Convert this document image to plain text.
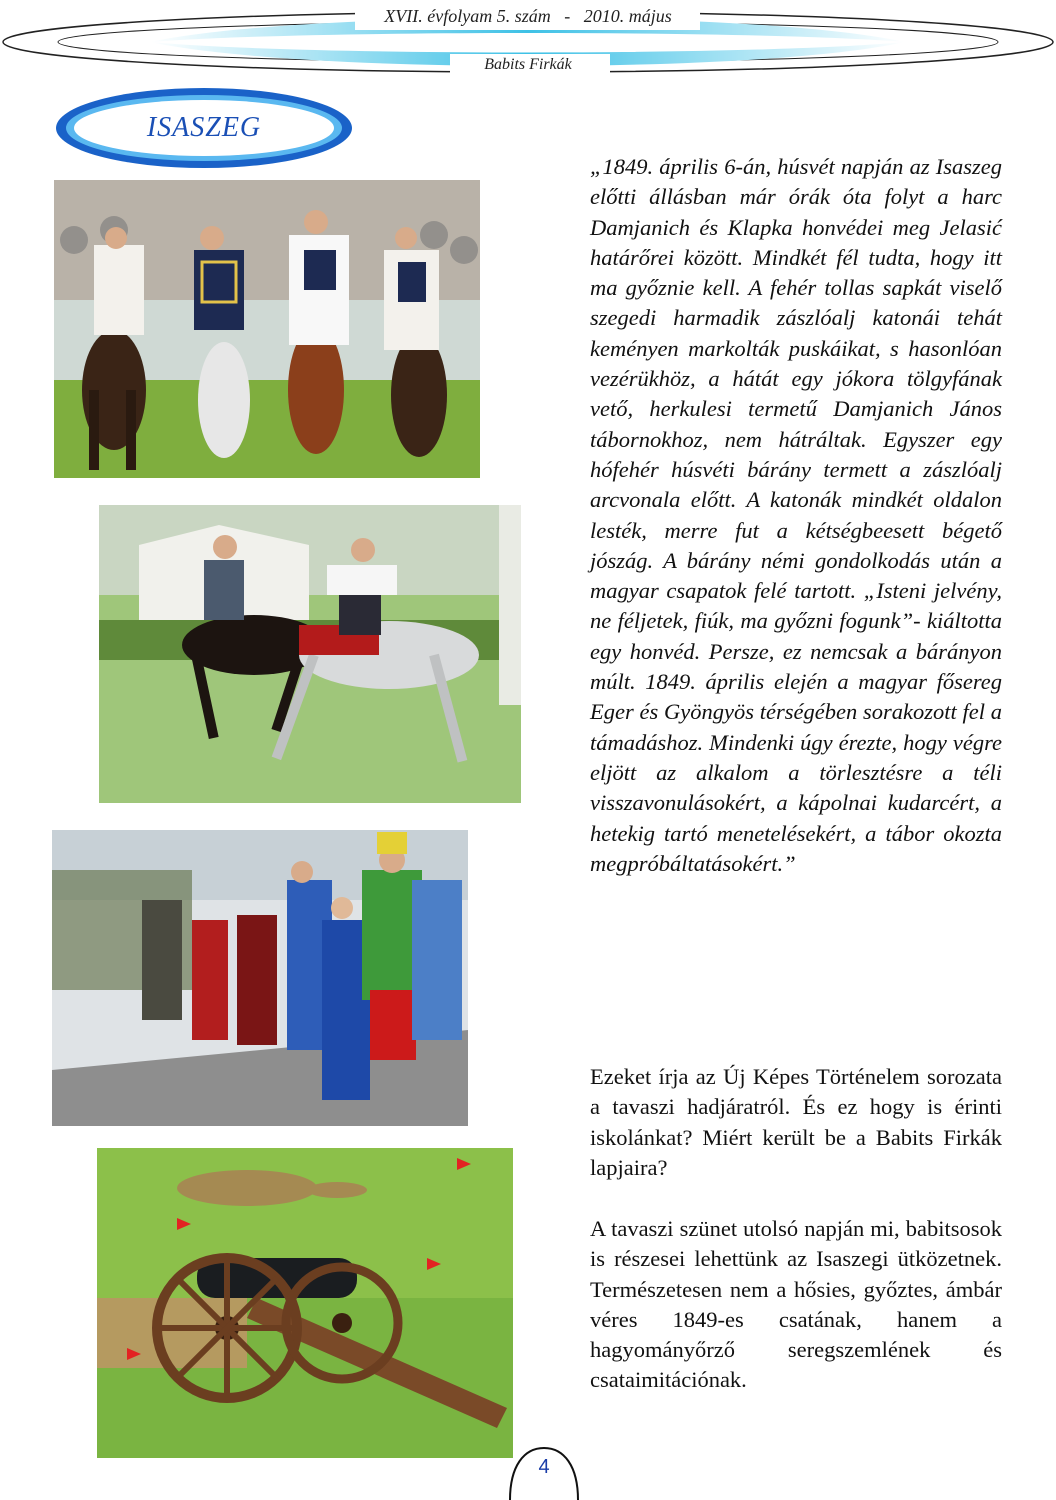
XVII. évfolyam 5. szám   -   2010. május
Babits Firkák
ISASZEG
„1849. április 6-án, húsvét napján az Isaszeg előtti állásban már órák óta folyt a harc Damjanich és Klapka honvédei meg Jelasić határőrei között. Mindkét fél tudta, hogy itt ma győznie kell. A fehér tollas sapkát viselő szegedi harmadik zászlóalj katonái tehát keményen markolták puskáikat, s hasonlóan vezérükhöz, a hátát egy jókora tölgyfának vető, herkulesi termetű Damjanich János tábornokhoz, nem hátráltak. Egyszer egy hófehér húsvéti bárány termett a zászlóalj arcvonala előtt. A katonák mindkét oldalon lesték, merre fut a kétségbeesett bégető jószág. A bárány némi gondolkodás után a magyar csapatok felé tartott. „Isteni jelvény, ne féljetek, fiúk, ma győzni fogunk”- kiáltotta egy honvéd. Persze, ez nemcsak a bárányon múlt. 1849. április elején a magyar fősereg Eger és Gyöngyös térségében sorakozott fel a támadáshoz. Mindenki úgy érezte, hogy végre eljött az alkalom a törlesztésre a téli visszavonulásokért, a kápolnai kudarcért, a hetekig tartó menetelésekért, a tábor okozta megpróbáltatásokért.”
Ezeket írja az Új Képes Történelem sorozata a tavaszi hadjáratról. És ez hogy is érinti iskolánkat? Miért került be a Babits Firkák lapjaira?
A tavaszi szünet utolsó napján mi, babitsosok is részesei lehettünk az Isaszegi ütközetnek. Természetesen nem a hősies, győztes, ámbár véres 1849-es csatának, hanem a hagyományőrző seregszemlének és csataimitációnak.
4
